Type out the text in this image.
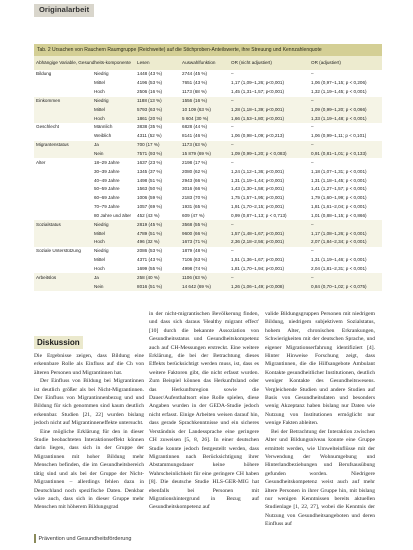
Originalarbeit
Tab. 2 Ursachen von Rauchern Raumgruppe (Reichweite) auf die Stichproben-Anteilswerte, ihre Streuung und Kennzahlenquote
Abhängige Variable, Gesundheits-komponente		Lesen	Auswahlfunktion	OR (nicht adjustiert)	OR (adjustiert)
Bildung	Niedrig	1448 (43 %)	2744 (45 %)	–	–
	Mittel	4196 (53 %)	7651 (43 %)	1,17 (1,09–1,26; p<0,001)	1,06 (0,97–1,15; p < 0,206)
	Hoch	2506 (16 %)	1173 (68 %)	1,45 (1,31–1,57; p<0,001)	1,32 (1,19–1,45; p < 0,001)
Einkommen	Niedrig	1188 (13 %)	1556 (16 %)	–	–
	Mittel	5793 (63 %)	10 109 (63 %)	1,28 (1,18–1,39; p<0,001)	1,09 (0,99–1,20; p < 0,066)
	Hoch	1861 (20 %)	5 604 (30 %)	1,66 (1,53–1,80; p<0,001)	1,33 (1,19–1,48; p < 0,001)
Geschlecht	Männlich	3838 (35 %)	6828 (44 %)	–	–
	Weiblich	4311 (52 %)	8141 (46 %)	1,06 (0,98–1,09; p<0,213)	1,06 (0,99–1,11; p < 0,101)
Migrantenstatus	Ja	700 (17 %)	1173 (63 %)	–	–
	Nein	7571 (93 %)	15 879 (69 %)	1,09 (0,99–1,20; p < 0,083)	0,91 (0,81–1,01; p < 0,133)
Alter	18–29 Jahre	1637 (23 %)	2198 (17 %)	–	–
	30–39 Jahre	1345 (37 %)	2080 (62 %)	1,24 (1,12–1,36; p<0,001)	1,18 (1,07–1,31; p < 0,001)
	40–49 Jahre	1498 (51 %)	2943 (66 %)	1,31 (1,19–1,44; p<0,001)	1,31 (1,18–1,45; p < 0,001)
	50–59 Jahre	1563 (50 %)	3016 (66 %)	1,43 (1,30–1,58; p<0,001)	1,41 (1,27–1,57; p < 0,001)
	60–69 Jahre	1006 (59 %)	2183 (70 %)	1,75 (1,57–1,95; p<0,001)	1,79 (1,60–1,99; p < 0,001)
	70–79 Jahre	1057 (69 %)	1931 (65 %)	1,91 (1,70–2,15; p<0,001)	1,81 (1,61–2,04; p < 0,001)
	80 Jahre und älter	452 (43 %)	609 (47 %)	0,99 (0,87–1,13; p < 0,713)	1,01 (0,88–1,15; p < 0,866)
Sozialstatus	Niedrig	2819 (45 %)	3568 (55 %)	–	–
	Mittel	4789 (51 %)	9600 (66 %)	1,57 (1,48–1,67; p<0,001)	1,17 (1,08–1,26; p < 0,001)
	Hoch	496 (32 %)	1673 (71 %)	2,36 (2,18–2,56; p<0,001)	2,07 (1,84–2,34; p < 0,001)
Soziale Unterstützung	Niedrig	2086 (53 %)	1879 (48 %)	–	–
	Mittel	4371 (43 %)	7106 (63 %)	1,51 (1,36–1,67; p<0,001)	1,31 (1,19–1,46; p < 0,001)
	Hoch	1699 (55 %)	4998 (74 %)	1,81 (1,70–1,94; p<0,001)	2,04 (1,81–2,31; p < 0,001)
Arbeitslos	Ja	258 (40 %)	1106 (63 %)	–	–
	Nein	8016 (51 %)	14 642 (69 %)	1,26 (1,06–1,49; p<0,008)	0,84 (0,70–1,02; p < 0,075)
Diskussion

Die Ergebnisse zeigen, dass Bildung eine erkennbare Rolle als Einfluss auf die Ch von älteren Personen und Migrantinnen hat.

Der Einfluss von Bildung bei Migrantinnen ist deutlich größer als bei Nicht-Migrantinnen. Der Einfluss von Migrantinnenbezug und und Bildung für sich genommen sind kaum deutlich erkennbar. Studien [21, 22] wurden bislang jedoch nicht auf Migrantinneneffekte untersucht.

Eine mögliche Erklärung für den in dieser Studie beobachteten Interaktionseffekt können darin liegen, dass sich in der Gruppe der Migrantinnen mit hoher Bildung mehr Menschen befinden, die im Gesundheitsbereich tätig sind und als bei der Gruppe der Nicht-Migrantinnen – allerdings fehlen dazu in Deutschland noch spezifische Daten. Denkbar wäre auch, dass sich in dieser Gruppe mehr Menschen mit höherem Bildungsgrad

in der nicht-migrantischen Bevölkerung finden, und dass sich daraus 'Healthy migrant effect' [10] durch die bekannte Assoziation von Gesundheitsstatus und Gesundheitskompetenz auch auf CH-Messungen erstreckt. Eine weitere Erklärung, die bei der Betrachtung dieses Effekts berücksichtigt werden muss, ist, dass es weitere Faktoren gibt, die nicht erfasst wurden. Zum Beispiel können das Herkunftsland oder das Herkunftsregion sowie die Dauer/Aufenthaltsort eine Rolle spielen, diese Angaben wurden in der GEDA-Studie jedoch nicht erfasst. Einige Arbeiten weisen darauf hin, dass gerade Sprachkenntnisse und ein sicheres Verständnis der Landessprache eine geringere CH zuweisen [5, 8, 26]. In einer deutschen Studie konnte jedoch festgestellt werden, dass Migrantinnen nach Berücksichtigung ihrer Abstammungsdauer keine höhere Wahrscheinlichkeit für eine geringere CH haben [8]. Die deutsche Studie HLS-GER-MIG hat ebenfalls bei Personen mit Migrationshintergrund in Bezug auf Gesundheitskompetenz auf

valide Bildungsgruppen Personen mit niedrigem Bildung, niedrigem subjektivem Sozialstatus, hohem Alter, chronischen Erkrankungen, Schwierigkeiten mit der deutschen Sprache, und eigener Migrationserfahrung identifiziert [4]. Hinter Hinweise Forschung zeigt, dass Migrantinnen, die die Hilfsangebote Ambulant Kontakte gesundheitlicher Institutionen, deutlich weniger Kontakte des Gesundheitswesens. Vergleichende Studien und andere Studien auf Basis von Gesundheitsdaten und besonders wenig Akzeptanz haben bislang nur Daten wie Nutzung von Institutionen ermöglicht nur wenige Fakten ableiten.

Bei der Betrachtung der Interaktion zwischen Alter und Bildungsniveau konnte eine Gruppe ermittelt werden, wie Umwelteinflüsse mit der Verwendung der Wohnumgebung und Hinterlandbeziehungen und Berufsausübung gefunden worden. Niedrigere Gesundheitskompetenz weist auch auf mehr ältere Personen in ihrer Gruppe hin, mit bislang nur wenigen Kenntnissen bereits aktuellen Studienlage [1, 22, 27], wobei die Kenntnis der Nutzung von Gesundheitsangeboten und deren Einfluss auf

Prävention und Gesundheitsförderung
